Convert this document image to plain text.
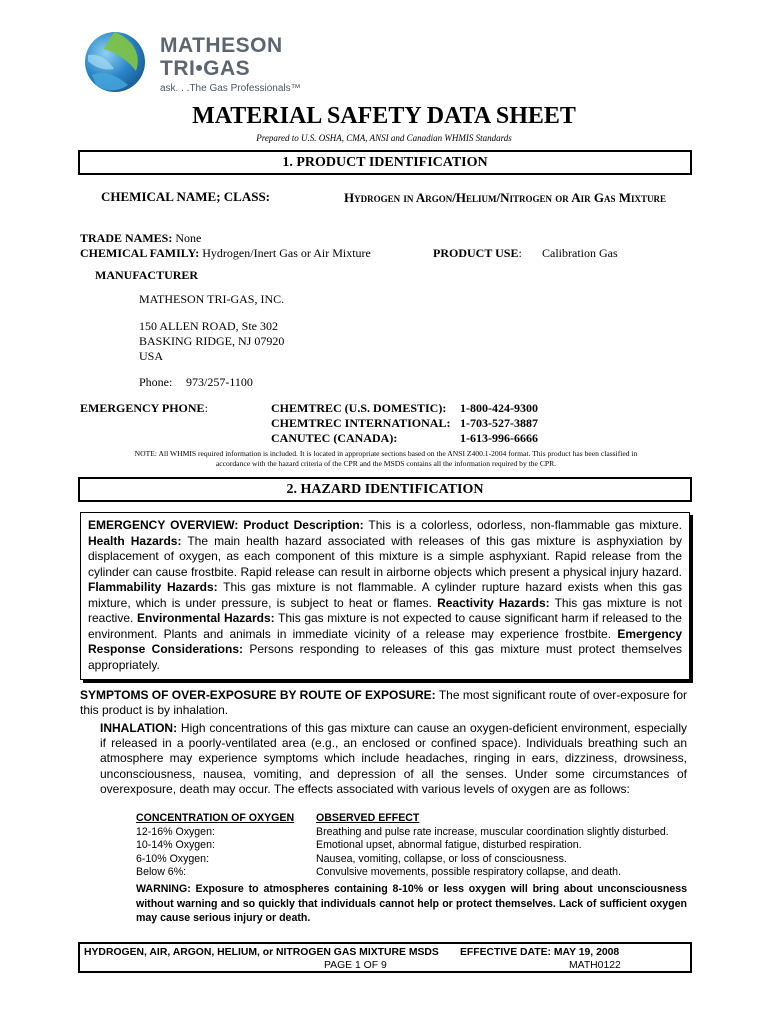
MATHESON
TRI•GAS
ask. . .The Gas Professionals™
MATERIAL SAFETY DATA SHEET
Prepared to U.S. OSHA, CMA, ANSI and Canadian WHMIS Standards
1. PRODUCT IDENTIFICATION
CHEMICAL NAME; CLASS:	Hydrogen in Argon/Helium/Nitrogen or Air Gas Mixture
TRADE NAMES: None
CHEMICAL FAMILY: Hydrogen/Inert Gas or Air Mixture	PRODUCT USE: Calibration Gas
MANUFACTURER
MATHESON TRI-GAS, INC.
150 ALLEN ROAD, Ste 302
BASKING RIDGE, NJ 07920
USA
Phone: 973/257-1100
EMERGENCY PHONE:	CHEMTREC (U.S. DOMESTIC): 1-800-424-9300
CHEMTREC INTERNATIONAL: 1-703-527-3887
CANUTEC (CANADA):	1-613-996-6666
NOTE: All WHMIS required information is included. It is located in appropriate sections based on the ANSI Z400.1-2004 format. This product has been classified in
accordance with the hazard criteria of the CPR and the MSDS contains all the information required by the CPR.
2. HAZARD IDENTIFICATION
EMERGENCY OVERVIEW: Product Description: This is a colorless, odorless, non-flammable gas mixture. Health Hazards: The main health hazard associated with releases of this gas mixture is asphyxiation by displacement of oxygen, as each component of this mixture is a simple asphyxiant. Rapid release from the cylinder can cause frostbite. Rapid release can result in airborne objects which present a physical injury hazard. Flammability Hazards: This gas mixture is not flammable. A cylinder rupture hazard exists when this gas mixture, which is under pressure, is subject to heat or flames. Reactivity Hazards: This gas mixture is not reactive. Environmental Hazards: This gas mixture is not expected to cause significant harm if released to the environment. Plants and animals in immediate vicinity of a release may experience frostbite. Emergency Response Considerations: Persons responding to releases of this gas mixture must protect themselves appropriately.
SYMPTOMS OF OVER-EXPOSURE BY ROUTE OF EXPOSURE: The most significant route of over-exposure for this product is by inhalation.
INHALATION: High concentrations of this gas mixture can cause an oxygen-deficient environment, especially if released in a poorly-ventilated area (e.g., an enclosed or confined space). Individuals breathing such an atmosphere may experience symptoms which include headaches, ringing in ears, dizziness, drowsiness, unconsciousness, nausea, vomiting, and depression of all the senses. Under some circumstances of overexposure, death may occur. The effects associated with various levels of oxygen are as follows:
CONCENTRATION OF OXYGEN	OBSERVED EFFECT
12-16% Oxygen:	Breathing and pulse rate increase, muscular coordination slightly disturbed.
10-14% Oxygen:	Emotional upset, abnormal fatigue, disturbed respiration.
6-10% Oxygen:	Nausea, vomiting, collapse, or loss of consciousness.
Below 6%:	Convulsive movements, possible respiratory collapse, and death.
WARNING: Exposure to atmospheres containing 8-10% or less oxygen will bring about unconsciousness without warning and so quickly that individuals cannot help or protect themselves. Lack of sufficient oxygen may cause serious injury or death.
HYDROGEN, AIR, ARGON, HELIUM, or NITROGEN GAS MIXTURE MSDS EFFECTIVE DATE: MAY 19, 2008
PAGE 1 OF 9	MATH0122
